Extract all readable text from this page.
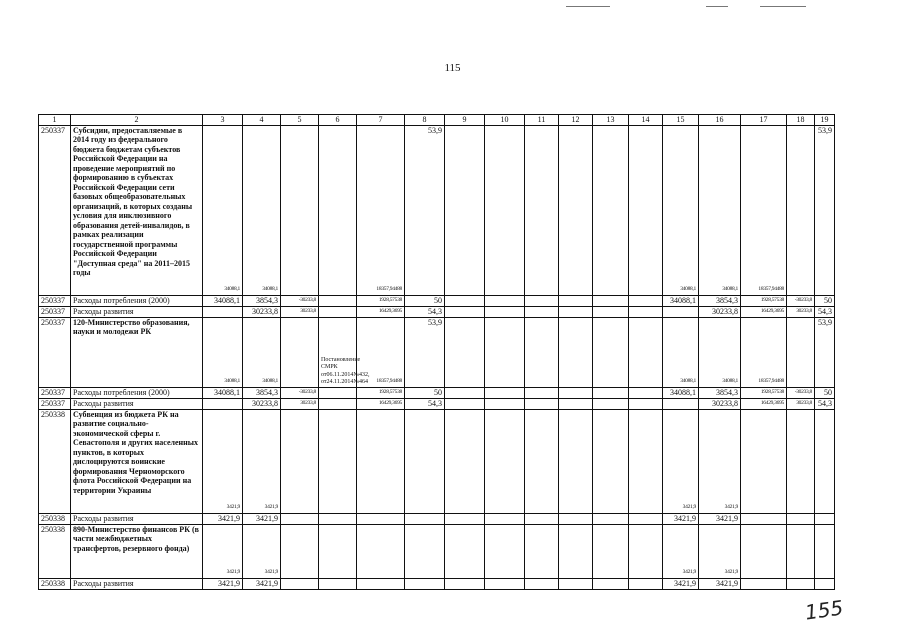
115
1	2	3	4	5	6	7	8	9	10	11	12	13	14	15	16	17	18	19
250337	Субсидии, предоставляемые в 2014 году из федерального бюджета бюджетам субъектов Российской Федерации на проведение мероприятий по формированию в субъектах Российской Федерации сети базовых общеобразовательных организаций, в которых созданы условия для инклюзивного образования детей-инвалидов, в рамках реализации государственной программы Российской Федерации "Доступная среда" на 2011–2015 годы	34088,1	34088,1			18357,94488	53,9							34088,1	34088,1	18357,94488		53,9
250337	Расходы потребления (2000)	34088,1	3854,3	-30233,8		1928,57538	50							34088,1	3854,3	1928,57538	-30233,8	50
250337	Расходы развития		30233,8	30233,8		16429,3695	54,3								30233,8	16429,3695	30233,8	54,3
250337	120-Министерство образования, науки и молодежи РК	34088,1	34088,1		Постановление СМРК от06.11.2014№432, от24.11.2014№464	18357,94488	53,9							34088,1	34088,1	18357,94488		53,9
250337	Расходы потребления (2000)	34088,1	3854,3	-30233,8		1928,57538	50							34088,1	3854,3	1928,57538	-30233,8	50
250337	Расходы развития		30233,8	30233,8		16429,3695	54,3								30233,8	16429,3695	30233,8	54,3
250338	Субвенция из бюджета РК на развитие социально-экономической сферы г. Севастополя и других населенных пунктов, в которых дислоцируются воинские формирования Черноморского флота Российской Федерации на территории Украины	3421,9	3421,9											3421,9	3421,9			
250338	Расходы развития	3421,9	3421,9											3421,9	3421,9			
250338	890-Министерство финансов РК (в части межбюджетных трансфертов, резервного фонда)	3421,9	3421,9											3421,9	3421,9			
250338	Расходы развития	3421,9	3421,9											3421,9	3421,9			
155
